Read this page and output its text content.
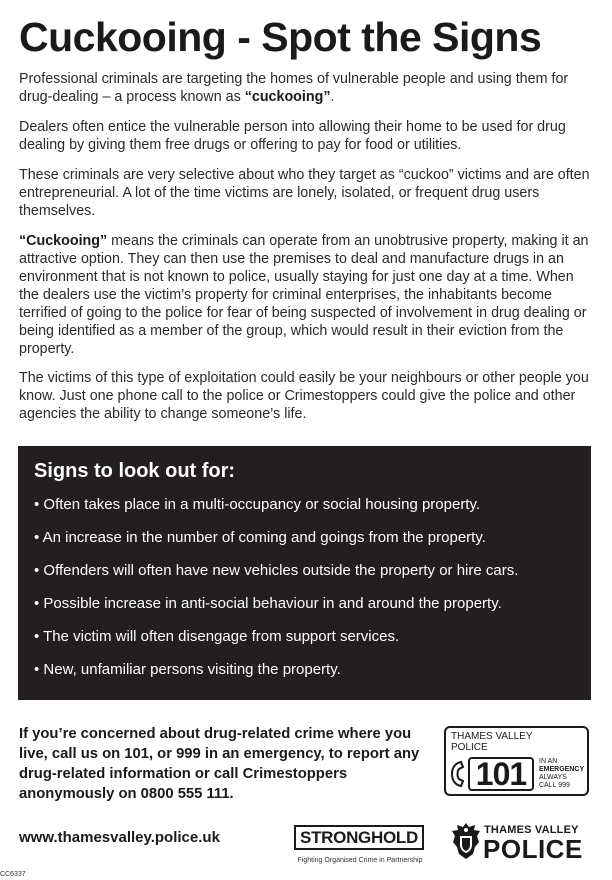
Cuckooing - Spot the Signs
Professional criminals are targeting the homes of vulnerable people and using them for drug-dealing – a process known as “cuckooing”.
Dealers often entice the vulnerable person into allowing their home to be used for drug dealing by giving them free drugs or offering to pay for food or utilities.
These criminals are very selective about who they target as “cuckoo” victims and are often entrepreneurial. A lot of the time victims are lonely, isolated, or frequent drug users themselves.
“Cuckooing” means the criminals can operate from an unobtrusive property, making it an attractive option. They can then use the premises to deal and manufacture drugs in an environment that is not known to police, usually staying for just one day at a time. When the dealers use the victim’s property for criminal enterprises, the inhabitants become terrified of going to the police for fear of being suspected of involvement in drug dealing or being identified as a member of the group, which would result in their eviction from the property.
The victims of this type of exploitation could easily be your neighbours or other people you know. Just one phone call to the police or Crimestoppers could give the police and other agencies the ability to change someone’s life.
Signs to look out for:
• Often takes place in a multi-occupancy or social housing property.
• An increase in the number of coming and goings from the property.
• Offenders will often have new vehicles outside the property or hire cars.
• Possible increase in anti-social behaviour in and around the property.
• The victim will often disengage from support services.
• New, unfamiliar persons visiting the property.
If you’re concerned about drug-related crime where you live, call us on 101, or 999 in an emergency, to report any drug-related information or call Crimestoppers anonymously on 0800 555 111.
THAMES VALLEY
POLICE
101	IN AN
EMERGENCY
ALWAYS
CALL 999
www.thamesvalley.police.uk	STRONGHOLD
Fighting Organised Crime in Partnership
THAMES VALLEY
POLICE
CC6337
